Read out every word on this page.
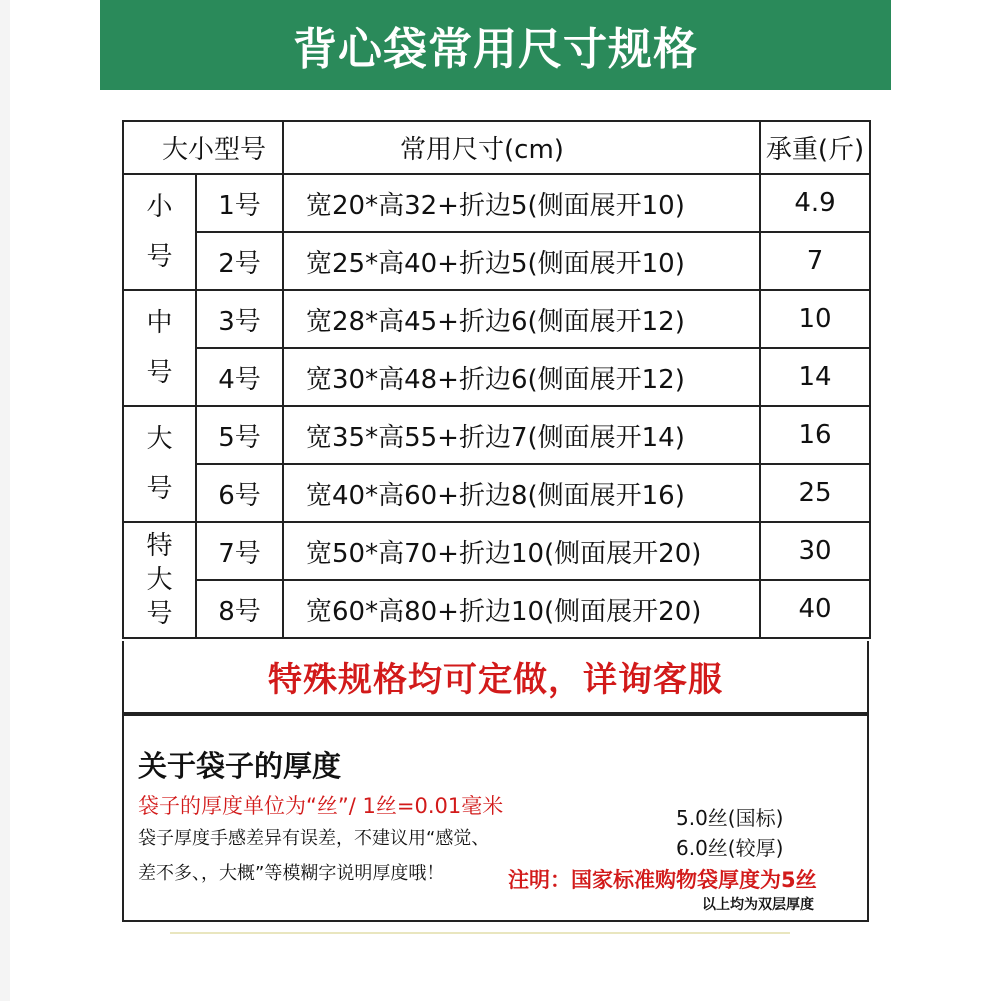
背心袋常用尺寸规格
大小型号		常用尺寸(cm)	承重(斤)
小
号	1号	宽20*高32+折边5(侧面展开10)	4.9
	2号	宽25*高40+折边5(侧面展开10)	7
中
号	3号	宽28*高45+折边6(侧面展开12)	10
	4号	宽30*高48+折边6(侧面展开12)	14
大
号	5号	宽35*高55+折边7(侧面展开14)	16
	6号	宽40*高60+折边8(侧面展开16)	25
特
大
号	7号	宽50*高70+折边10(侧面展开20)	30
	8号	宽60*高80+折边10(侧面展开20)	40
特殊规格均可定做，详询客服
关于袋子的厚度
袋子的厚度单位为“丝”/ 1丝=0.01毫米
袋子厚度手感差异有误差，不建议用“感觉、
差不多、，大概”等模糊字说明厚度哦！
5.0丝(国标)
6.0丝(较厚)
注明：国家标准购物袋厚度为5丝
以上均为双层厚度
